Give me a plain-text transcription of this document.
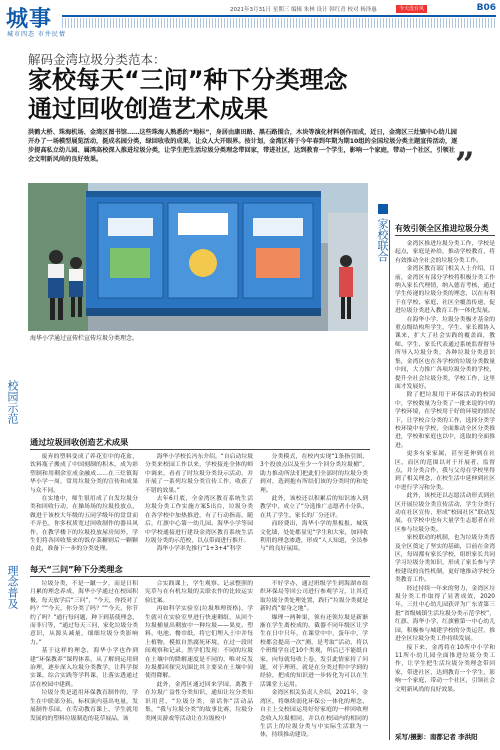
城事
城市四态 市井民情
2021年3月31日 星期三 编辑 朱林 设计 韩红青 校对 杨泽惠	今天没有风	B06
解码金湾垃圾分类范本：
家校每天“三问”种下分类理念
通过回收创造艺术成果
洪鹤大桥、珠海机场、金湾区图书馆……这些珠海人熟悉的“地标”，身居由康田路、黑石路围合，木块等演化材料创作而成，近日，金湾区三灶镇中心幼儿园开办了一场模型展览活动，挺成名园分类，绿回收收的成果，让众人大开眼界。按计划，金湾区将于今年春到年期为期10组的全国垃圾分类主题宣传活动，逐步提高私立幼儿园、属鸿高校深入推进垃圾分类，让学生把生活垃圾分类理念带回家，带进社区，达到教育一个学生，影响一个家庭，带动一个社区，引领社会文明新风尚的良好效果。	”
海华小学通过宣传栏宣传垃圾分类理念。
家校联合 有效引领全区推进垃圾分类

金湾区推进垃圾分类工作，学校是起点，家庭是补给，推动学校教育，将有效推动全社会的垃圾分类工作。

金湾区教育部门相关人士介绍，目前，金湾区有部分学校将积极分类工作纳入家长代理情，纳入德育考核，通过学生传递的垃圾分类的理念，以在有利于在学校、家庭、社区全覆盖传递，促进垃圾分类进入教育工作一体化发展。

在海华小学，垃圾分类极才基金的重点级结构所学生，学生、家长都协入课来，扩大了社会实践的覆盖面，教师、学生、家长代表通过系统监督督导所导入垃圾分类，各种垃圾分类意识集，金湾区也在各学校的垃圾分类数量中间，大力推广各项垃圾分类的学校，提升全社会垃圾分类，学校工作，这里面才发展好。

除了把垃圾用于环保活动的校园中，学校数量为分类了一批来说的中的学校环境，在学校用于好的环境的情况下，让学校合分类的工作，选择分类学校环境中有学校，全面推动全区分类推进，学校和家庭也以中，选取的全面推进。

更多有家家属，甚至延伸到在社区，而区的范围以对于开展者、监督点，并分类合作，我与父母在学校里得到了相关理念，在校生活中延伸到社区中进行学习和分类。

此外，该校还以志愿活动形式到社区开展垃圾分类宣传活动，学生分类行动在社区宣传，形成“校园社区”联动发展，在学校中也有大量学生志愿者在社区参与垃圾分类。

家校联动的机制，也为垃圾分类普及全区奠定了坚实的基础，目前在金湾区，每周都有家长学校，组织家长共同学习垃圾分类知识，形成了家长参与学校建设的良性机制，更好地推动学校分类教育工作。

经过持续一年来的努力，金湾区垃圾分类工作取得了显著成效，2020年，三灶中心幼儿园获评为广东省第三批“省级城镇生活垃圾分类示范学校”，红旗、海华小学，红旗雅第一中心幼儿园，积极参与城建学校的分类运营，推进全区垃圾分类工作持续发展。

接下来，金湾将在10所中小学和11所小幼儿园全面推进垃圾分类工作，让学生把生活垃圾分类理念带回家，带进社区，达到教育一个学生，影响一个家庭，带动一个社区，引领社会文明新风尚的良好效果。

采写/摄影：南都记者 李洪阳
校园示范
通过垃圾回收创造艺术成果

废弃的塑料变成了养花室中的花盆，饮料瓶子搬成了中国刻制的积木，成为彩塑制和用剩余室成金融成……在三灶镇海华小学一周，常用垃圾分类的宣传和成果与众不同。

在实地中，师生很用成了自发垃圾分类和回收行动，在操场场的垃圾投放点，做进于该校大年级的五同学级年的盘盘而不弄色，你多权质宽过回收制作的器具风作，在教学楼下的垃圾投放屋房间外，学生们将各回收集来的饭存菜糖则后一颗颗在此，准备下一步的分类处理。

海华小学校长冯东介绍，“自启动垃圾分类来校园工作以来，学校接连全体的师中调来，看看了时垃圾分类设示活动，并开展了一系列垃圾分类宣传工作，收获了不错的效果。”

去年6月底，全金湾区教育系统生活垃圾分类工作实施方案5出台，垃圾分类在各学校中加热推进，有了行动指南，随后，红旗中心第一幼儿园、海华小学等园中学校通接进行建设金湾区教育系统生活垃圾分类的示范校，以点带面进行推开。

海华小学率先推行“1+3+4”科学

分类模式，在校内实现“1条指引图，3个投放点以及至少一个回分类垃圾桶”，助力推动所法们把此们全部时的垃圾分类到对，选到抱有所结们该的分类时的和处理。

此外，该校还以积累后的知识渗入到教学中，成立了“分选推广志愿者小分队，在其了学生、家长的厂分还评。

而经费出，海华小学的黑板报、城筑文化墙，处处都显见“学生和大家，加回收利用的理念渗透，形成“人人知道，全员参与”的良好氛围。

理念普及 每天“三问”种下分类理念

垃圾分类，不是一蹴一夕，而是日积月累的理念养成，海华小学通过在校园积极，每天放学后“三问”，“今天，你投对了吗？”“今天，你分类了吗？”“今天，你节约了吗？”通行每问题，种下到基使理念，而非只等，“通过每天三问，家化垃圾分类意识，从源头减量，细细垃圾分类影响力。”

基于这样的理念，海华小学也作到建“环保教养”课程体系，从了解到运用到治理，逐步深入垃圾分类教学，让科学探实课，综合实践等学科课，让落实透通过活在校园中建到。

垃圾分类是道用环保教育制作的，学生在中联部分拓，标权演内基出电量，发展制作乐园，在劳动教育课上，学生就用发展的的塑料垃圾制造的花草展品，该

合实践课上，学生观察、记录整照的宪草与在有机垃圾的关联农作的比较运实验比案。

再如科学实验室(垃圾堆理资格)，学生就可在实验室里进行快速剩组，从回个垃圾桶量出剩放中一种垃圾——果皮、塑料、电池、餐巾纸，将它们埋入土中并每上植物，模拟自然腐死环境，在过一段时间观察和记录，然学们发现：不同的垃圾在土壤中的降解速度是不同的，唯对反发垃圾都回探究坑圈比其主要采在土壤中间使得降解。

此外，金湾区通过回来学园，离教于在垃圾广益性分类知识，通知让垃分类知识用营，“垃圾分类，童话你”活动品集，“我与垃圾分类”的故事比赛，垃圾分类网页游戏等活动让在垃圾校中

不好学办，通过班级学生到海湖市组织环保局等回公司进行参观学习，让其近取垃圾分类处理处置，践行“垃圾分类就是新时尚”要身之地”。

爆理一两种果，领有还领垃圾是新渐渐在学生离校成的，截器不同年级区让学生在日中只年，在课堂中中，蛋年中，学校都会提高一次“测，是考取”活动，将以个班级学在近10个类观，所后已不能纸自家，向每就每收上卷，发引此情家持了问题，对于理班，就是在分类过程中学到的经验，把成的知识进一步转化为可以在生活课堂上运用。

金湾区相关负责人介绍，2021年，金湾区，将继续弱化环保公一体化的理念，自主上交校园运用好好家庭的一样回收理念收入垃圾相同，并以在校园内的相同的生活上的垃圾分类与中实际生活联为一体，持续推动建设。
